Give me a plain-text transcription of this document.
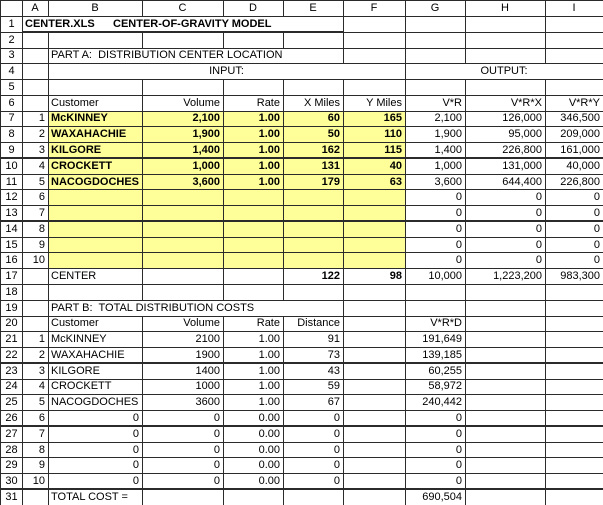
	A	B	C	D	E	F	G	H	I
1	CENTER.XLS      CENTER-OF-GRAVITY MODEL								
2									
3		PART A:  DISTRIBUTION CENTER LOCATION							
4		INPUT:					OUTPUT:		
5									
6		Customer	Volume	Rate	X Miles	Y Miles	V*R	V*R*X	V*R*Y
7	1	McKINNEY	2,100	1.00	60	165	2,100	126,000	346,500
8	2	WAXAHACHIE	1,900	1.00	50	110	1,900	95,000	209,000
9	3	KILGORE	1,400	1.00	162	115	1,400	226,800	161,000
10	4	CROCKETT	1,000	1.00	131	40	1,000	131,000	40,000
11	5	NACOGDOCHES	3,600	1.00	179	63	3,600	644,400	226,800
12	6						0	0	0
13	7						0	0	0
14	8						0	0	0
15	9						0	0	0
16	10						0	0	0
17		CENTER			122	98	10,000	1,223,200	983,300
18									
19		PART B:  TOTAL DISTRIBUTION COSTS							
20		Customer	Volume	Rate	Distance		V*R*D		
21	1	McKINNEY	2100	1.00	91		191,649		
22	2	WAXAHACHIE	1900	1.00	73		139,185		
23	3	KILGORE	1400	1.00	43		60,255		
24	4	CROCKETT	1000	1.00	59		58,972		
25	5	NACOGDOCHES	3600	1.00	67		240,442		
26	6	0	0	0.00	0		0		
27	7	0	0	0.00	0		0		
28	8	0	0	0.00	0		0		
29	9	0	0	0.00	0		0		
30	10	0	0	0.00	0		0		
31		TOTAL COST =					690,504		
